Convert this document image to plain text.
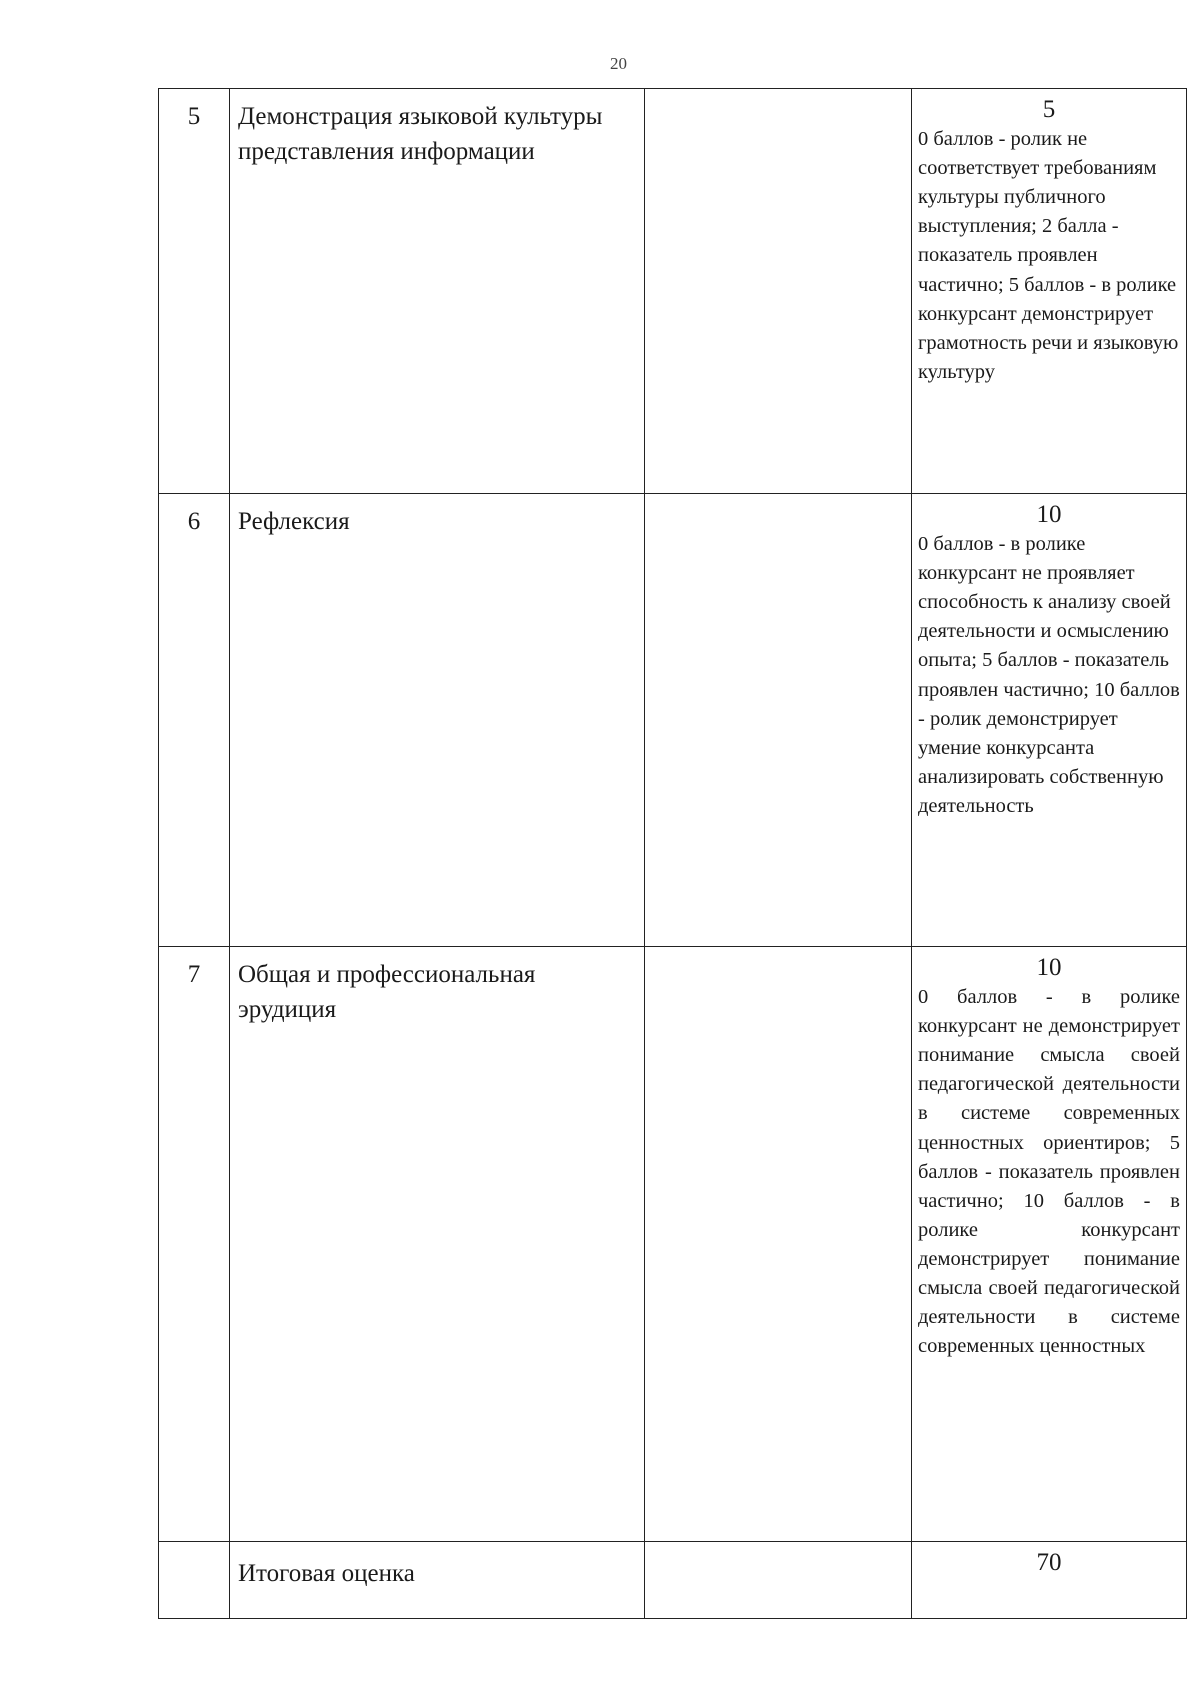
20
5	Демонстрация языковой культуры представления информации		5
0 баллов - ролик не соответствует требованиям культуры публичного выступления; 2 балла - показатель проявлен частично; 5 баллов - в ролике конкурсант демонстрирует грамотность речи и языковую культуру

6	Рефлексия		10
0 баллов - в ролике конкурсант не проявляет способность к анализу своей деятельности и осмыслению опыта; 5 баллов - показатель проявлен частично; 10 баллов - ролик демонстрирует умение конкурсанта анализировать собственную деятельность

7	Общая и профессиональная эрудиция		10
0 баллов - в ролике конкурсант не демонстрирует понимание смысла своей педагогической деятельности в системе современных ценностных ориентиров; 5 баллов - показатель проявлен частично; 10 баллов - в ролике конкурсант демонстрирует понимание смысла своей педагогической деятельности в системе современных ценностных

	Итоговая оценка		70
